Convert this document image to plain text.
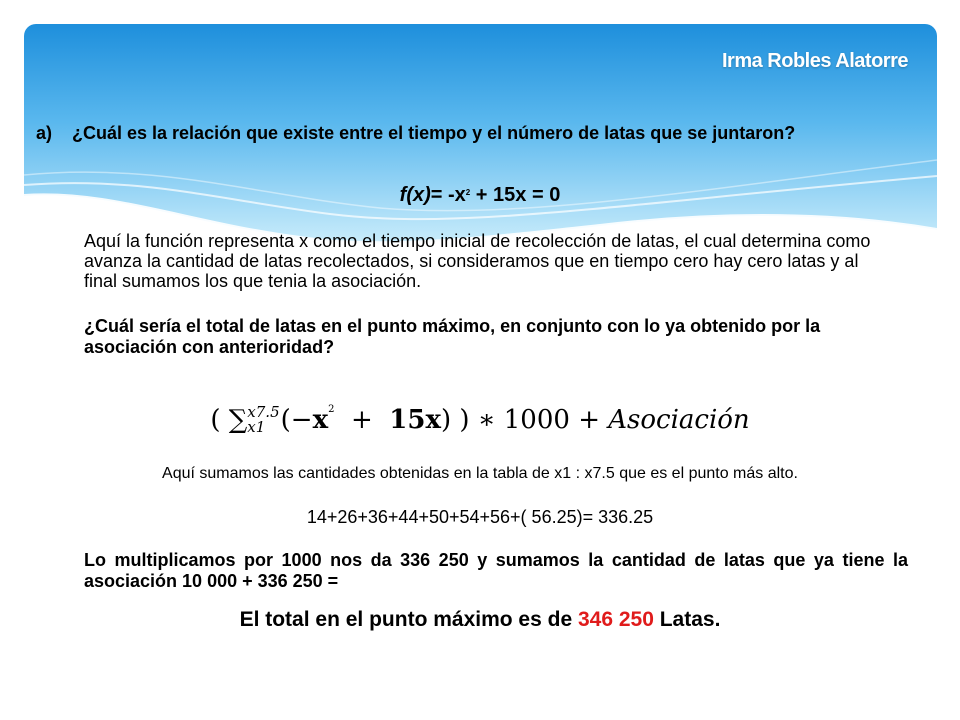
Irma Robles Alatorre
a) ¿Cuál es la relación que existe entre el tiempo y el número de latas que se juntaron?
$f(x)= -x^2 + 15x = 0$
Aquí la función representa x como el tiempo inicial de recolección de latas, el cual determina como avanza la cantidad de latas recolectados, si consideramos que en tiempo cero hay cero latas y al final sumamos los que tenia la asociación.
¿Cuál sería el total de latas en el punto máximo, en conjunto con lo ya obtenido por la asociación con anterioridad?
( ∑ x7.5
x1 $(-x^2 + 15x)$ ) ∗ 1000 + Asociación
Aquí sumamos las cantidades obtenidas en la tabla de x1 : x7.5 que es el punto más alto.
14+26+36+44+50+54+56+( 56.25)= 336.25
Lo multiplicamos por 1000 nos da 336 250 y sumamos la cantidad de latas que ya tiene la asociación 10 000 + 336 250 =
El total en el punto máximo es de 346 250 Latas.
